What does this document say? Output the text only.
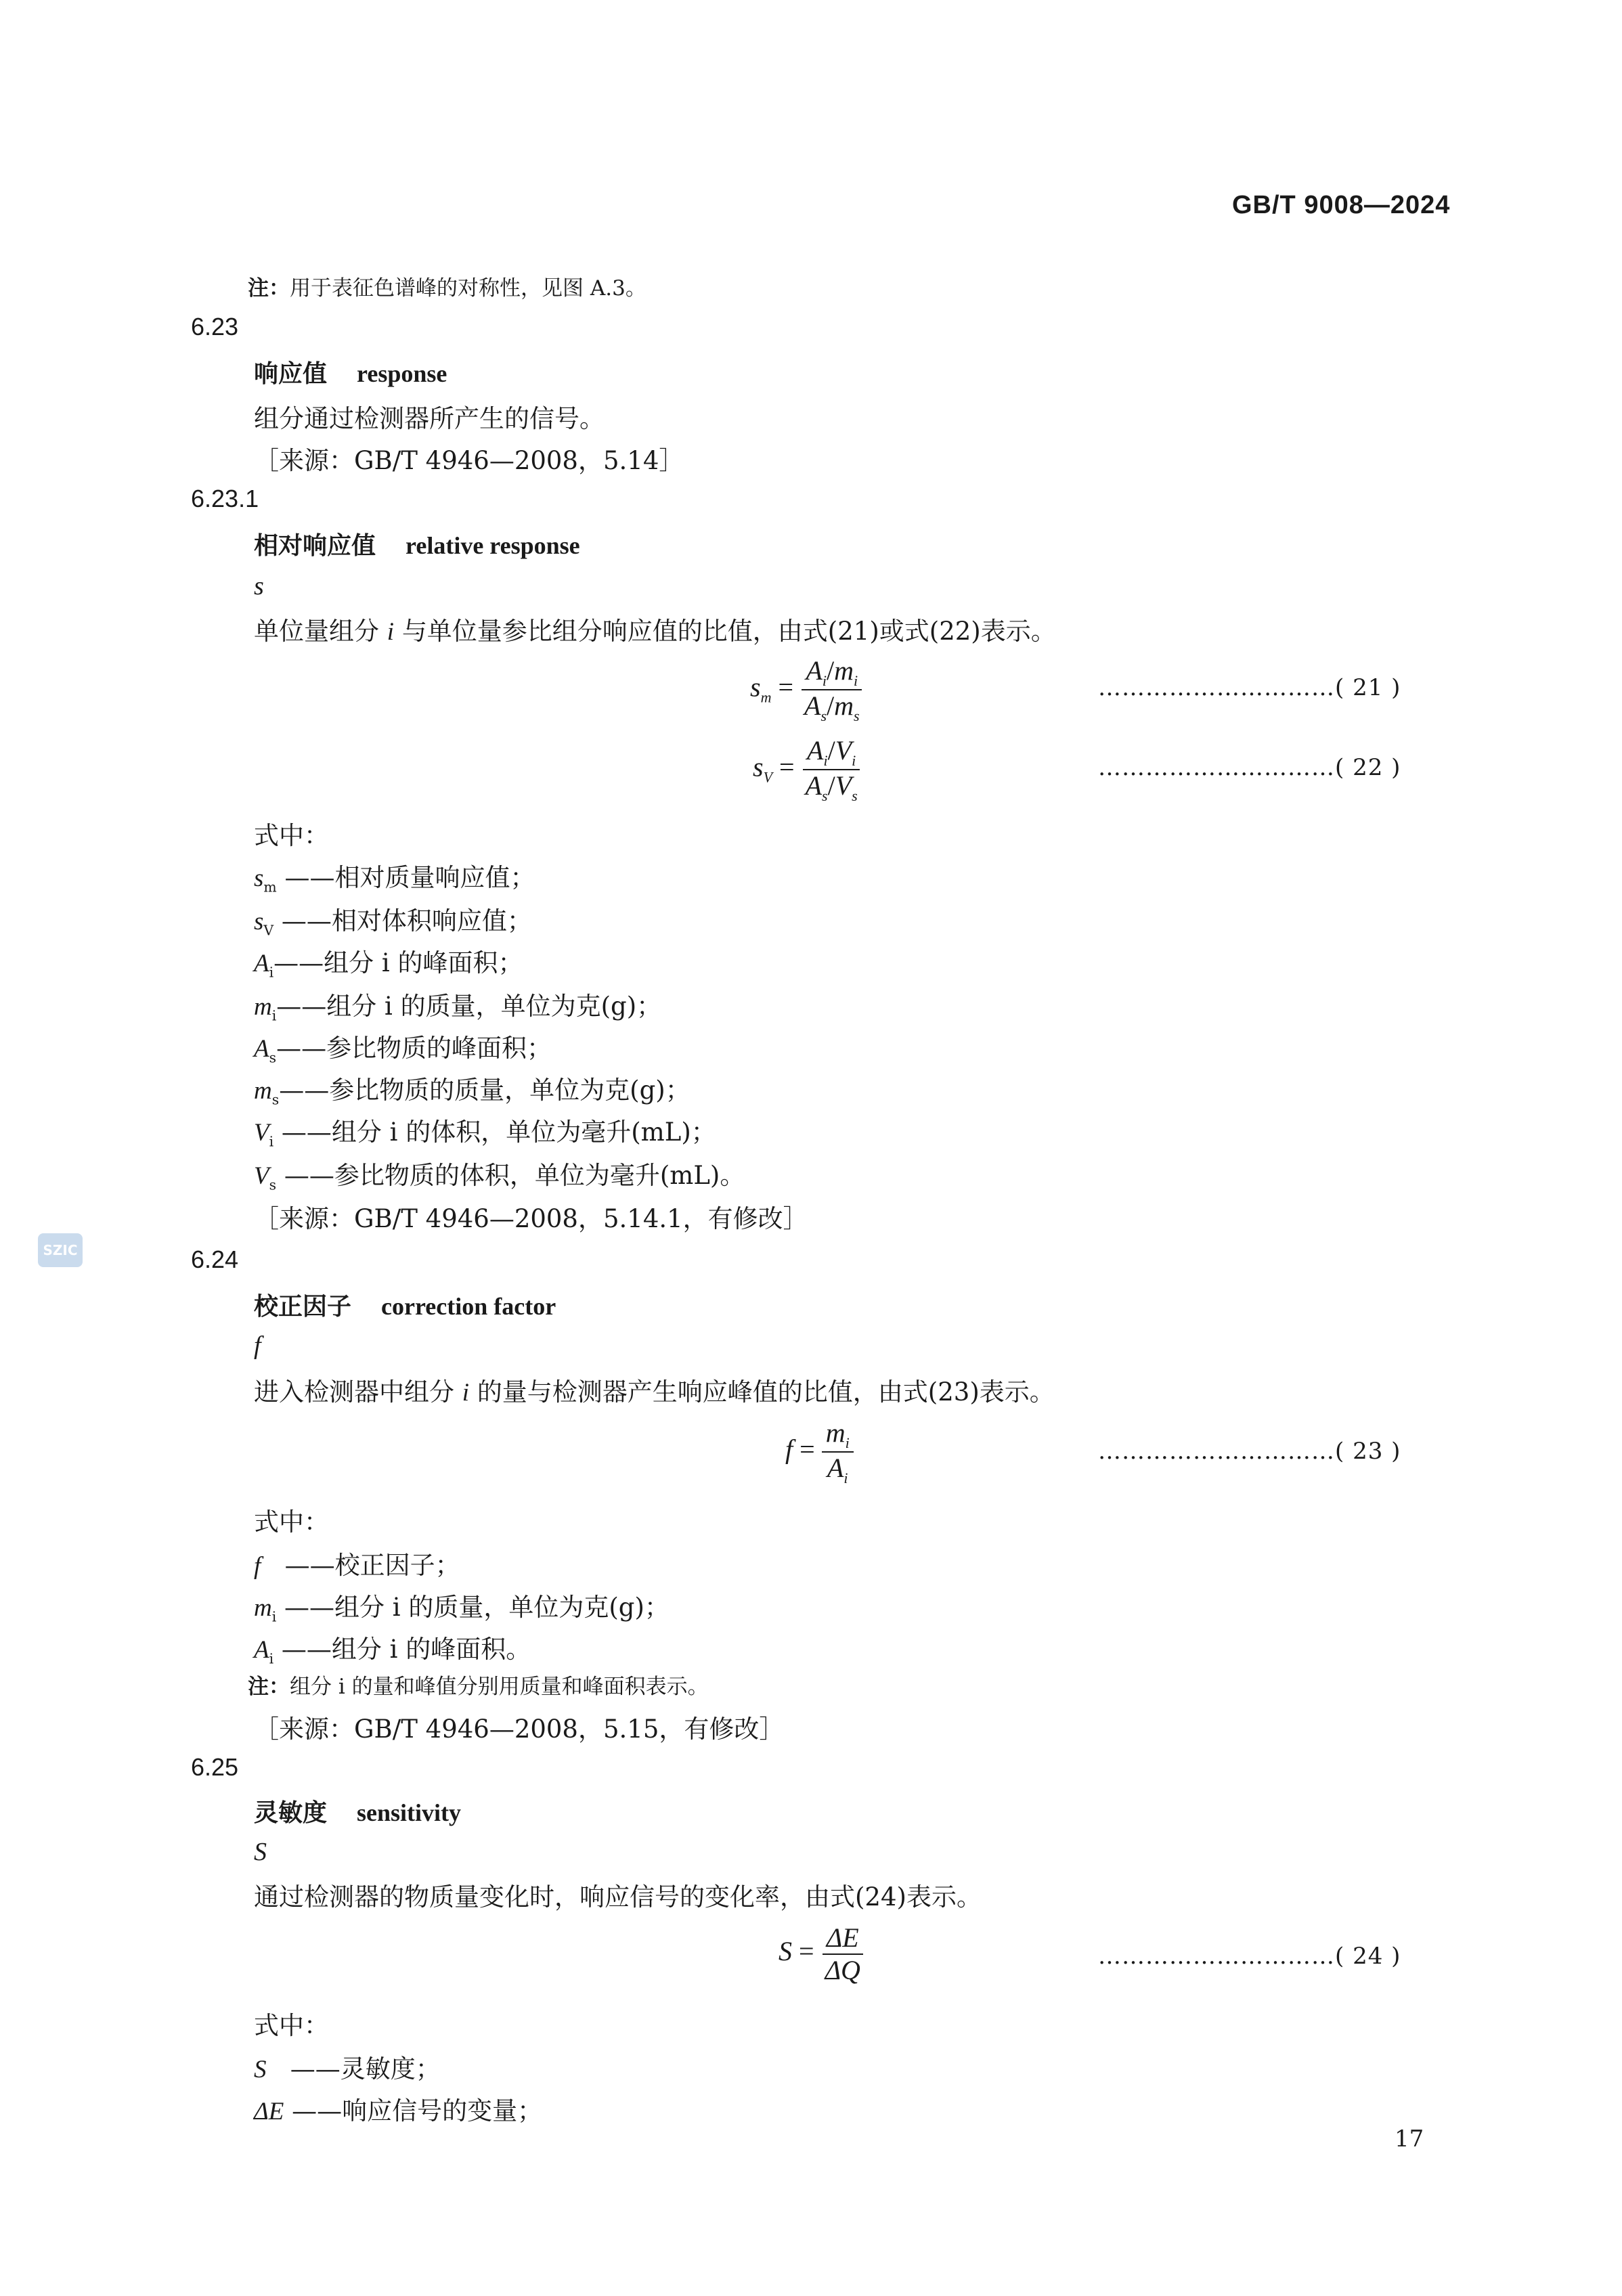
GB/T 9008—2024
SZIC
注：用于表征色谱峰的对称性，见图 A.3。
6.23
响应值 response
组分通过检测器所产生的信号。
［来源：GB/T 4946—2008，5.14］
6.23.1
相对响应值 relative response
s
单位量组分 i 与单位量参比组分响应值的比值，由式(21)或式(22)表示。
$s_m = \frac{A_i/m_i}{A_s/m_s}$	…………………………( 21 )
$s_V = \frac{A_i/V_i}{A_s/V_s}$	…………………………( 22 )
式中：
$s_m$ ——相对质量响应值；
$s_V$ ——相对体积响应值；
$A_i——$组分 i 的峰面积；
$m_i——$组分 i 的质量，单位为克(g)；
$A_s——$参比物质的峰面积；
$m_s——$参比物质的质量，单位为克(g)；
$V_i$ ——组分 i 的体积，单位为毫升(mL)；
$V_s$ ——参比物质的体积，单位为毫升(mL)。
［来源：GB/T 4946—2008，5.14.1，有修改］
6.24
校正因子 correction factor
f
进入检测器中组分 i 的量与检测器产生响应峰值的比值，由式(23)表示。
$f = \frac{m_i}{A_i}$	…………………………( 23 )
式中：
f ——校正因子；
$m_i$ ——组分 i 的质量，单位为克(g)；
$A_i$ ——组分 i 的峰面积。
注：组分 i 的量和峰值分别用质量和峰面积表示。
［来源：GB/T 4946—2008，5.15，有修改］
6.25
灵敏度 sensitivity
S
通过检测器的物质量变化时，响应信号的变化率，由式(24)表示。
$S = \frac{\Delta E}{\Delta Q}$	…………………………( 24 )
式中：
S ——灵敏度；
ΔE ——响应信号的变量；
17
